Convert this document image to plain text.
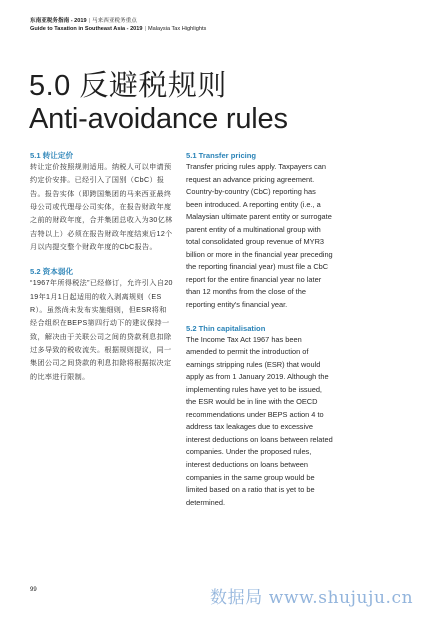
东南亚税务指南 - 2019 | 马来西亚税务重点
Guide to Taxation in Southeast Asia - 2019 | Malaysia Tax Highlights
5.0 反避税规则
Anti-avoidance rules

5.1 转让定价

转让定价按照规则适用。纳税人可以申请预约定价安排。已经引入了国别（CbC）报告。报告实体（即跨国集团的马来西亚最终母公司或代理母公司实体，在报告财政年度之前的财政年度，合并集团总收入为30亿林吉特以上）必须在报告财政年度结束后12个月以内提交整个财政年度的CbC报告。

5.2 资本弱化

“1967年所得税法”已经修订，允许引入自2019年1月1日起适用的收入剥离规则（ESR）。虽然尚未发布实施细则，但ESR将和经合组织在BEPS第四行动下的建议保持一致，解决由于关联公司之间的贷款利息扣除过多导致的税收流失。根据规则提议，同一集团公司之间贷款的利息扣除将根据拟决定的比率进行限制。

5.1 Transfer pricing

Transfer pricing rules apply. Taxpayers can request an advance pricing agreement. Country-by-country (CbC) reporting has been introduced. A reporting entity (i.e., a Malaysian ultimate parent entity or surrogate parent entity of a multinational group with total consolidated group revenue of MYR3 billion or more in the financial year preceding the reporting financial year) must file a CbC report for the entire financial year no later than 12 months from the close of the reporting entity's financial year.

5.2 Thin capitalisation

The Income Tax Act 1967 has been amended to permit the introduction of earnings stripping rules (ESR) that would apply as from 1 January 2019. Although the implementing rules have yet to be issued, the ESR would be in line with the OECD recommendations under BEPS action 4 to address tax leakages due to excessive interest deductions on loans between related companies. Under the proposed rules, interest deductions on loans between companies in the same group would be limited based on a ratio that is yet to be determined.

99	数据局 www.shujuju.cn
